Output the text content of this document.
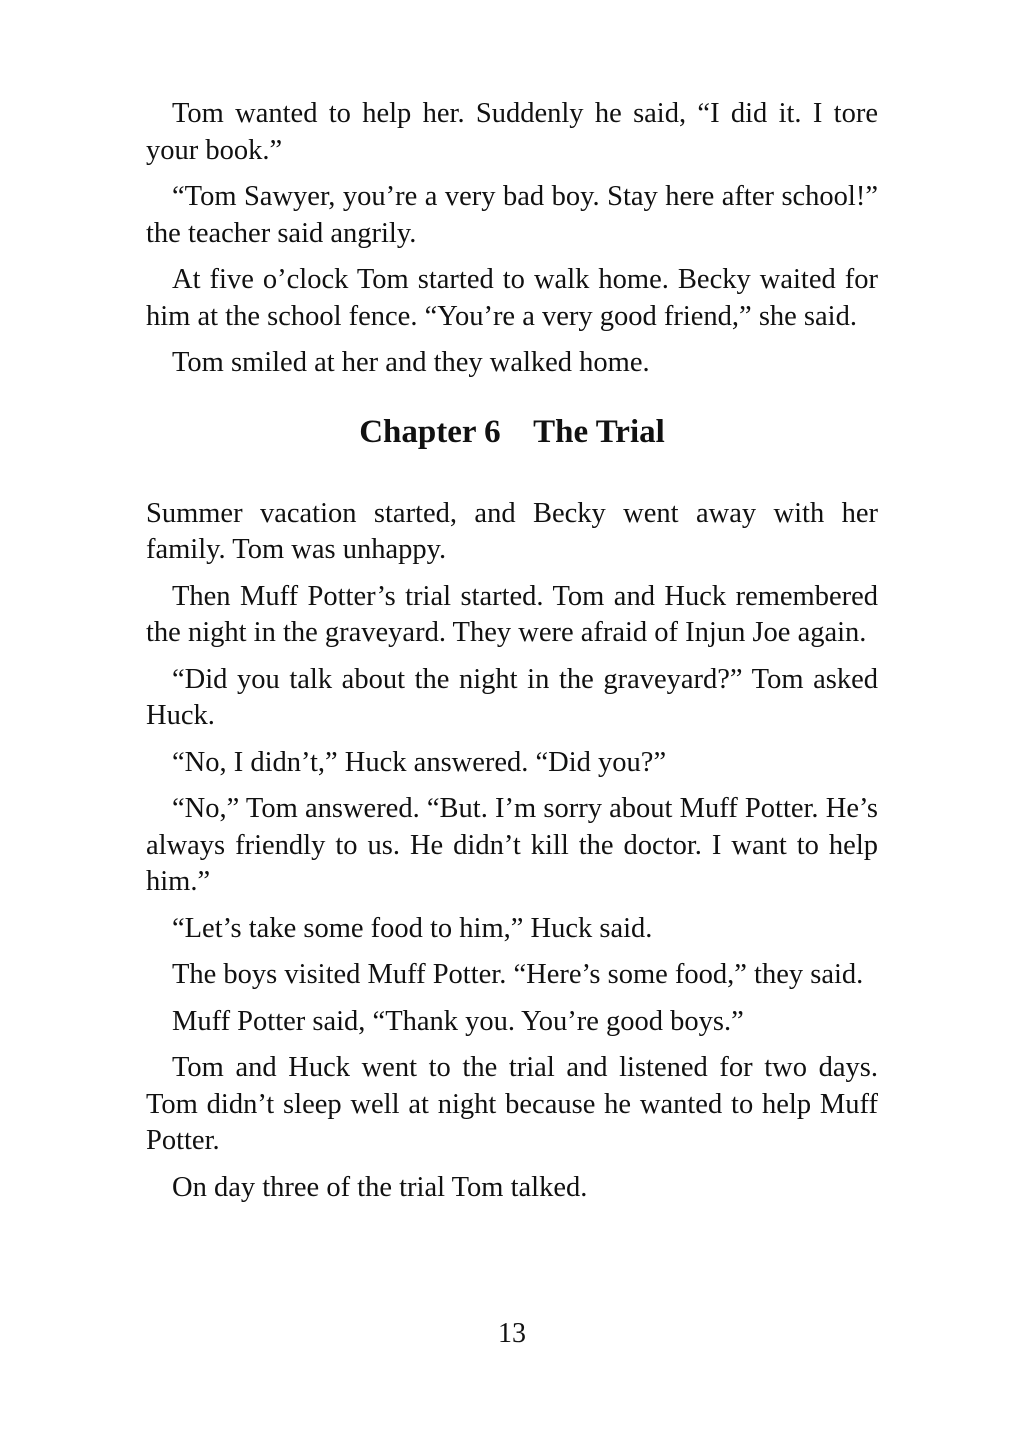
Tom wanted to help her. Suddenly he said, “I did it. I tore your book.”

“Tom Sawyer, you’re a very bad boy. Stay here after school!” the teacher said angrily.

At five o’clock Tom started to walk home. Becky waited for him at the school fence. “You’re a very good friend,” she said.

Tom smiled at her and they walked home.

Chapter 6 The Trial

Summer vacation started, and Becky went away with her family. Tom was unhappy.

Then Muff Potter’s trial started. Tom and Huck remembered the night in the graveyard. They were afraid of Injun Joe again.

“Did you talk about the night in the graveyard?” Tom asked Huck.

“No, I didn’t,” Huck answered. “Did you?”

“No,” Tom answered. “But. I’m sorry about Muff Potter. He’s always friendly to us. He didn’t kill the doctor. I want to help him.”

“Let’s take some food to him,” Huck said.

The boys visited Muff Potter. “Here’s some food,” they said.

Muff Potter said, “Thank you. You’re good boys.”

Tom and Huck went to the trial and listened for two days. Tom didn’t sleep well at night because he wanted to help Muff Potter.

On day three of the trial Tom talked.

13
